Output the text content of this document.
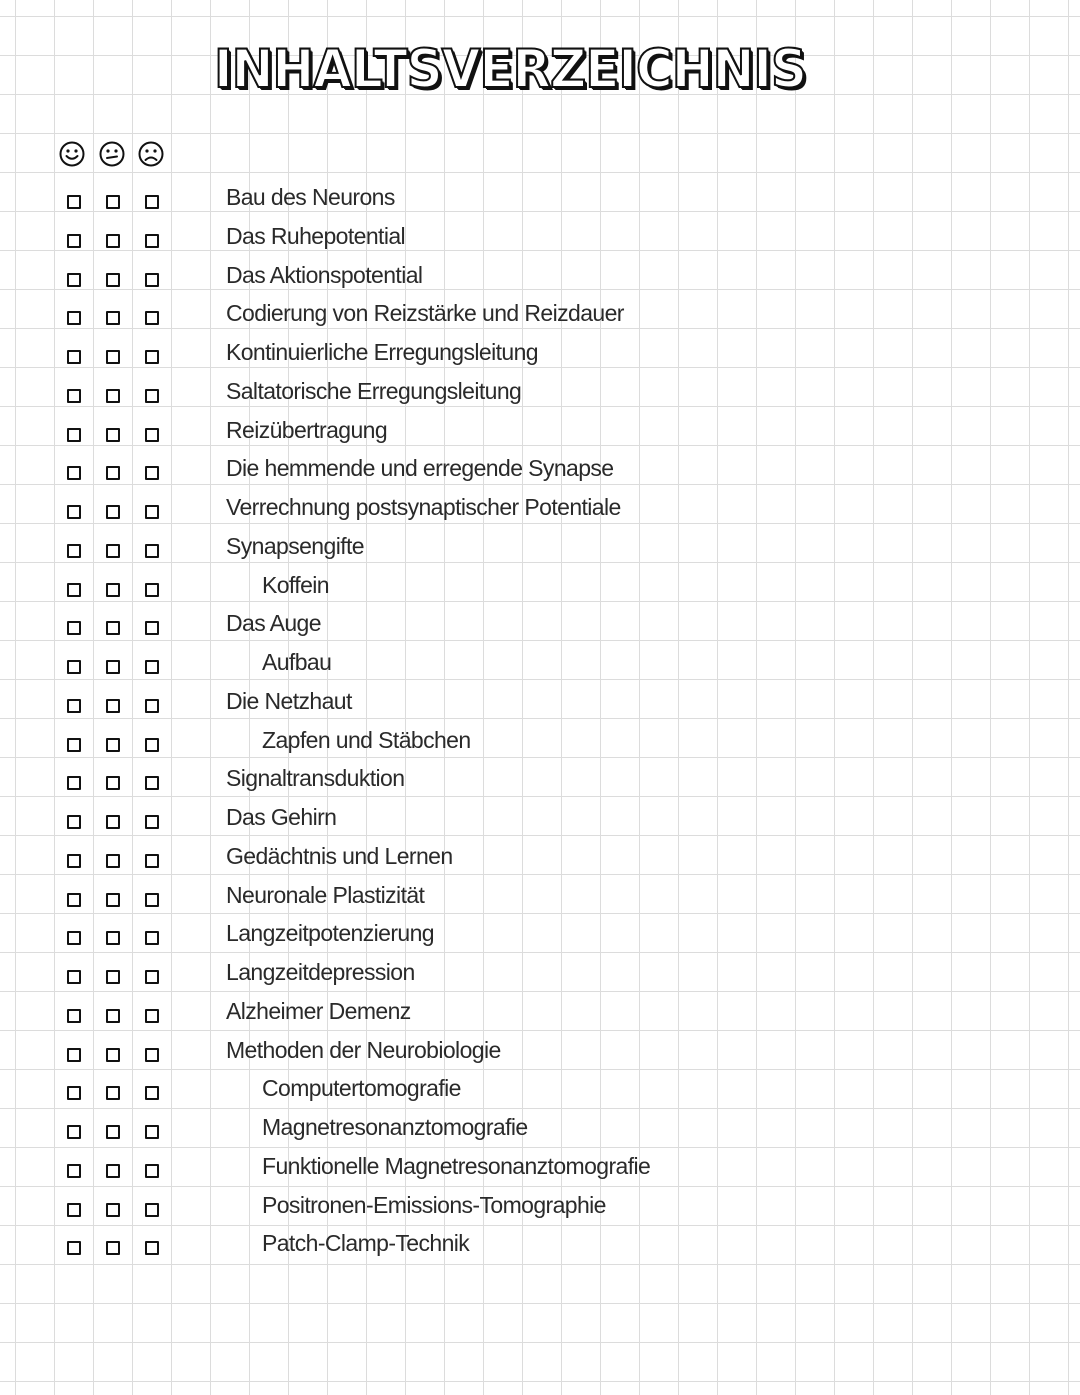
INHALTSVERZEICHNIS
Bau des Neurons
Das Ruhepotential
Das Aktionspotential
Codierung von Reizstärke und Reizdauer
Kontinuierliche Erregungsleitung
Saltatorische Erregungsleitung
Reizübertragung
Die hemmende und erregende Synapse
Verrechnung postsynaptischer Potentiale
Synapsengifte
Koffein
Das Auge
Aufbau
Die Netzhaut
Zapfen und Stäbchen
Signaltransduktion
Das Gehirn
Gedächtnis und Lernen
Neuronale Plastizität
Langzeitpotenzierung
Langzeitdepression
Alzheimer Demenz
Methoden der Neurobiologie
Computertomografie
Magnetresonanztomografie
Funktionelle Magnetresonanztomografie
Positronen-Emissions-Tomographie
Patch-Clamp-Technik
